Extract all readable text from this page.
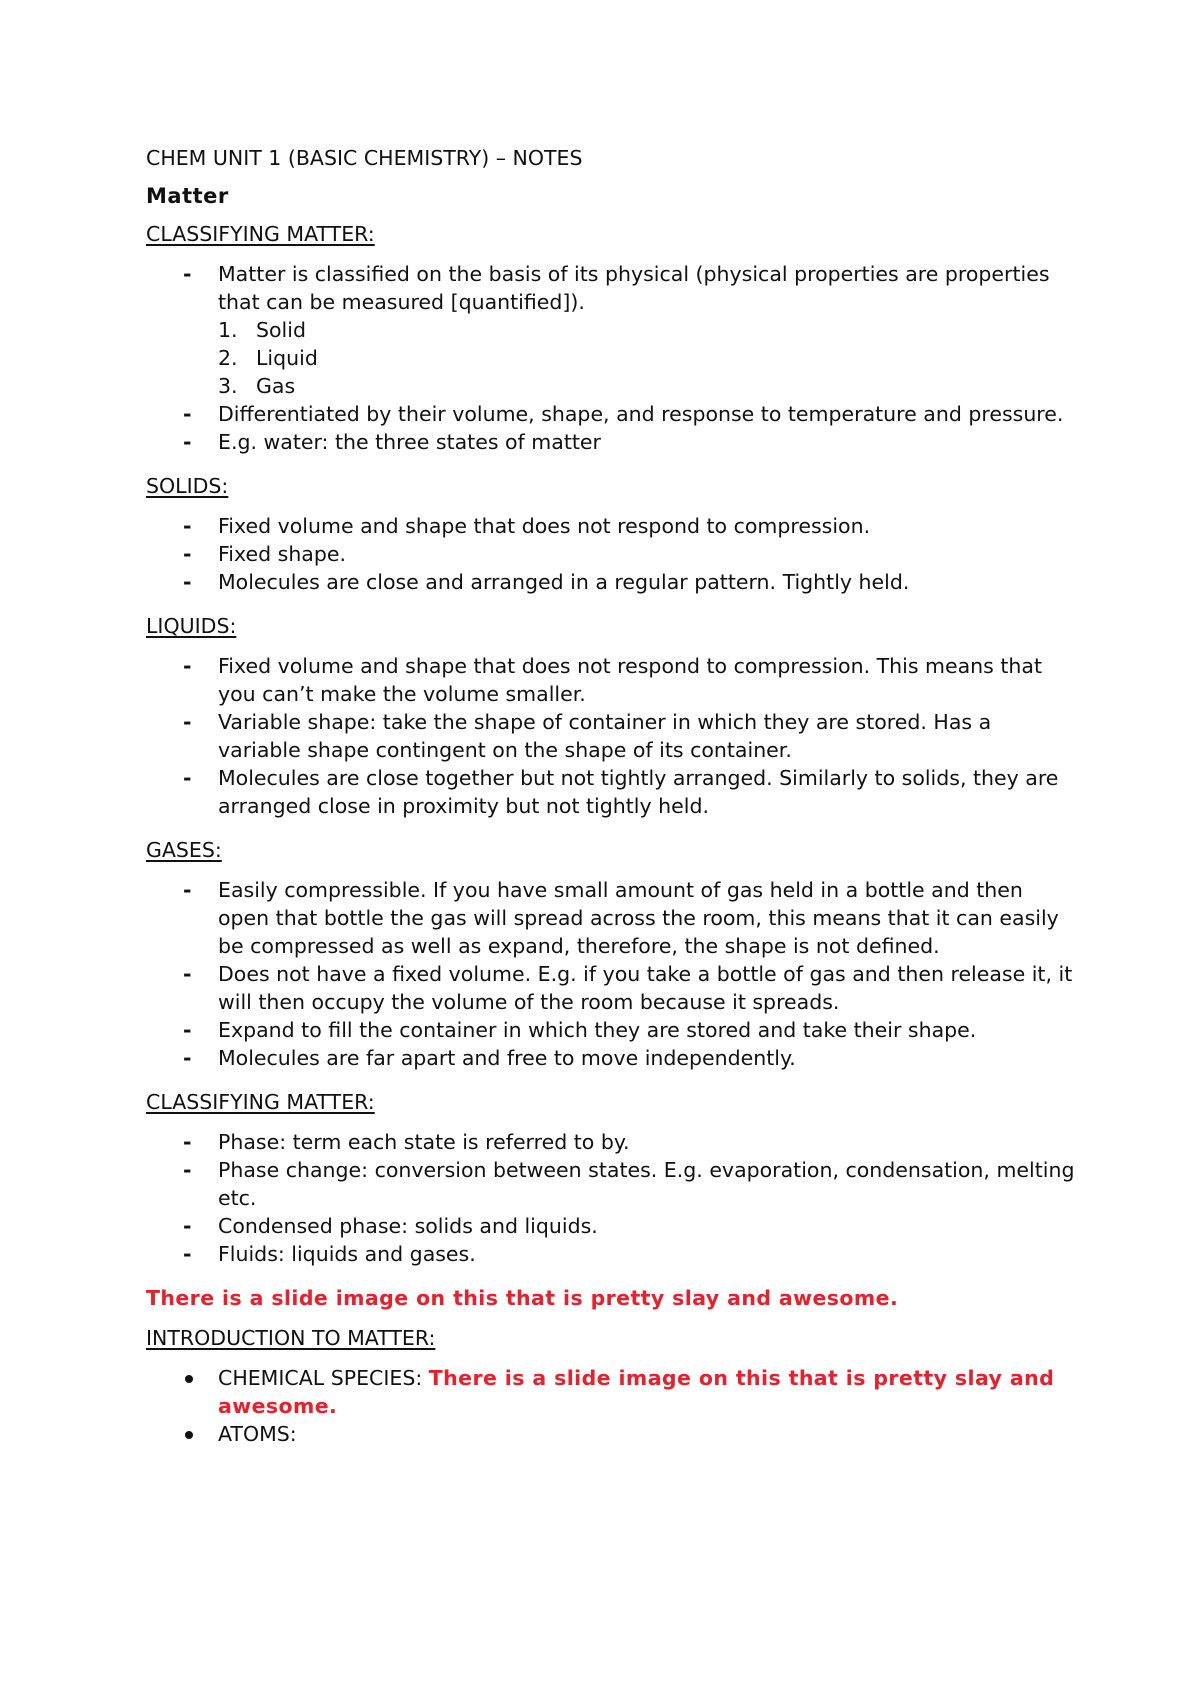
CHEM UNIT 1 (BASIC CHEMISTRY) – NOTES
Matter
CLASSIFYING MATTER:
- Matter is classified on the basis of its physical (physical properties are properties that can be measured [quantified]).
1. Solid
2. Liquid
3. Gas
- Differentiated by their volume, shape, and response to temperature and pressure.
- E.g. water: the three states of matter
SOLIDS:
- Fixed volume and shape that does not respond to compression.
- Fixed shape.
- Molecules are close and arranged in a regular pattern. Tightly held.
LIQUIDS:
- Fixed volume and shape that does not respond to compression. This means that you can’t make the volume smaller.
- Variable shape: take the shape of container in which they are stored. Has a variable shape contingent on the shape of its container.
- Molecules are close together but not tightly arranged. Similarly to solids, they are arranged close in proximity but not tightly held.
GASES:
- Easily compressible. If you have small amount of gas held in a bottle and then open that bottle the gas will spread across the room, this means that it can easily be compressed as well as expand, therefore, the shape is not defined.
- Does not have a fixed volume. E.g. if you take a bottle of gas and then release it, it will then occupy the volume of the room because it spreads.
- Expand to fill the container in which they are stored and take their shape.
- Molecules are far apart and free to move independently.
CLASSIFYING MATTER:
- Phase: term each state is referred to by.
- Phase change: conversion between states. E.g. evaporation, condensation, melting etc.
- Condensed phase: solids and liquids.
- Fluids: liquids and gases.

There is a slide image on this that is pretty slay and awesome.

INTRODUCTION TO MATTER:
CHEMICAL SPECIES: There is a slide image on this that is pretty slay and awesome.
ATOMS:
